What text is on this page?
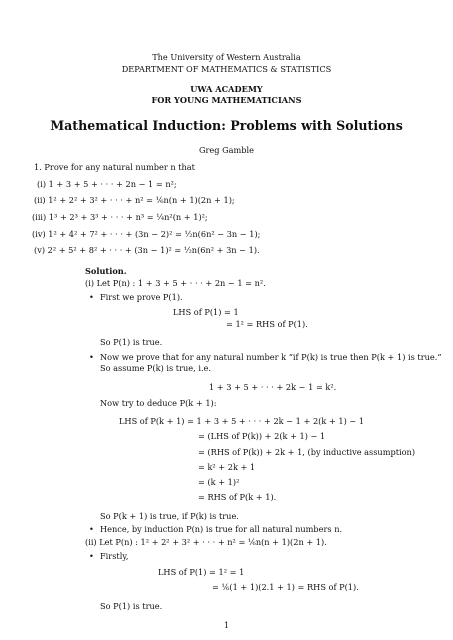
The University of Western Australia
DEPARTMENT OF MATHEMATICS & STATISTICS
UWA ACADEMY
FOR YOUNG MATHEMATICIANS
Mathematical Induction: Problems with Solutions
Greg Gamble
1. Prove for any natural number n that
(i) 1 + 3 + 5 + · · · + 2n − 1 = n²;
(ii) 1² + 2² + 3² + · · · + n² = ⅙n(n + 1)(2n + 1);
(iii) 1³ + 2³ + 3³ + · · · + n³ = ¼n²(n + 1)²;
(iv) 1² + 4² + 7² + · · · + (3n − 2)² = ½n(6n² − 3n − 1);
(v) 2² + 5² + 8² + · · · + (3n − 1)² = ½n(6n² + 3n − 1).
Solution.
(i) Let P(n) : 1 + 3 + 5 + · · · + 2n − 1 = n².
• First we prove P(1).
LHS of P(1) = 1
= 1² = RHS of P(1).
So P(1) is true.
• Now we prove that for any natural number k “if P(k) is true then P(k + 1) is true.”
So assume P(k) is true, i.e.
1 + 3 + 5 + · · · + 2k − 1 = k².
Now try to deduce P(k + 1):
LHS of P(k + 1) = 1 + 3 + 5 + · · · + 2k − 1 + 2(k + 1) − 1
= (LHS of P(k)) + 2(k + 1) − 1
= (RHS of P(k)) + 2k + 1, (by inductive assumption)
= k² + 2k + 1
= (k + 1)²
= RHS of P(k + 1).
So P(k + 1) is true, if P(k) is true.
• Hence, by induction P(n) is true for all natural numbers n.
(ii) Let P(n) : 1² + 2² + 3² + · · · + n² = ⅙n(n + 1)(2n + 1).
• Firstly,
LHS of P(1) = 1² = 1
= ⅙(1 + 1)(2.1 + 1) = RHS of P(1).
So P(1) is true.
1
